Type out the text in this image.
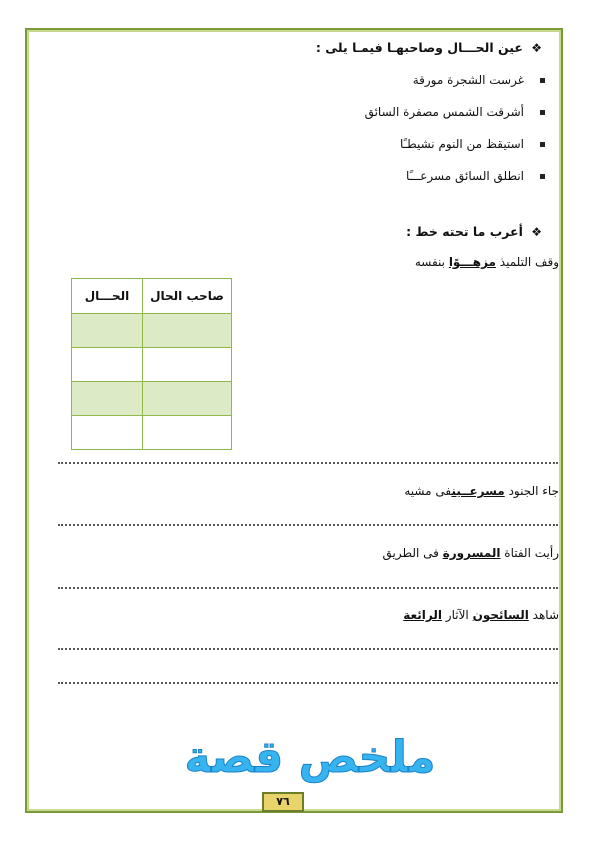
❖ عين الحـــال وصاحبهـا فيمـا يلى :
غرست الشجرة مورقة
أشرقت الشمس مصفرة السائق
استيقظ من النوم نشيطـًا
انطلق السائق مسرعـــًا
❖ أعرب ما تحته خط :
وقف التلميذ مزهـــوًا بنفسه
صاحب الحال	الحـــال

جاء الجنود مسرعــينفى مشيه
رأيت الفتاة المسرورة فى الطريق
شاهد السائحون الآثار الرائعة
ملخص قصة
٧٦
